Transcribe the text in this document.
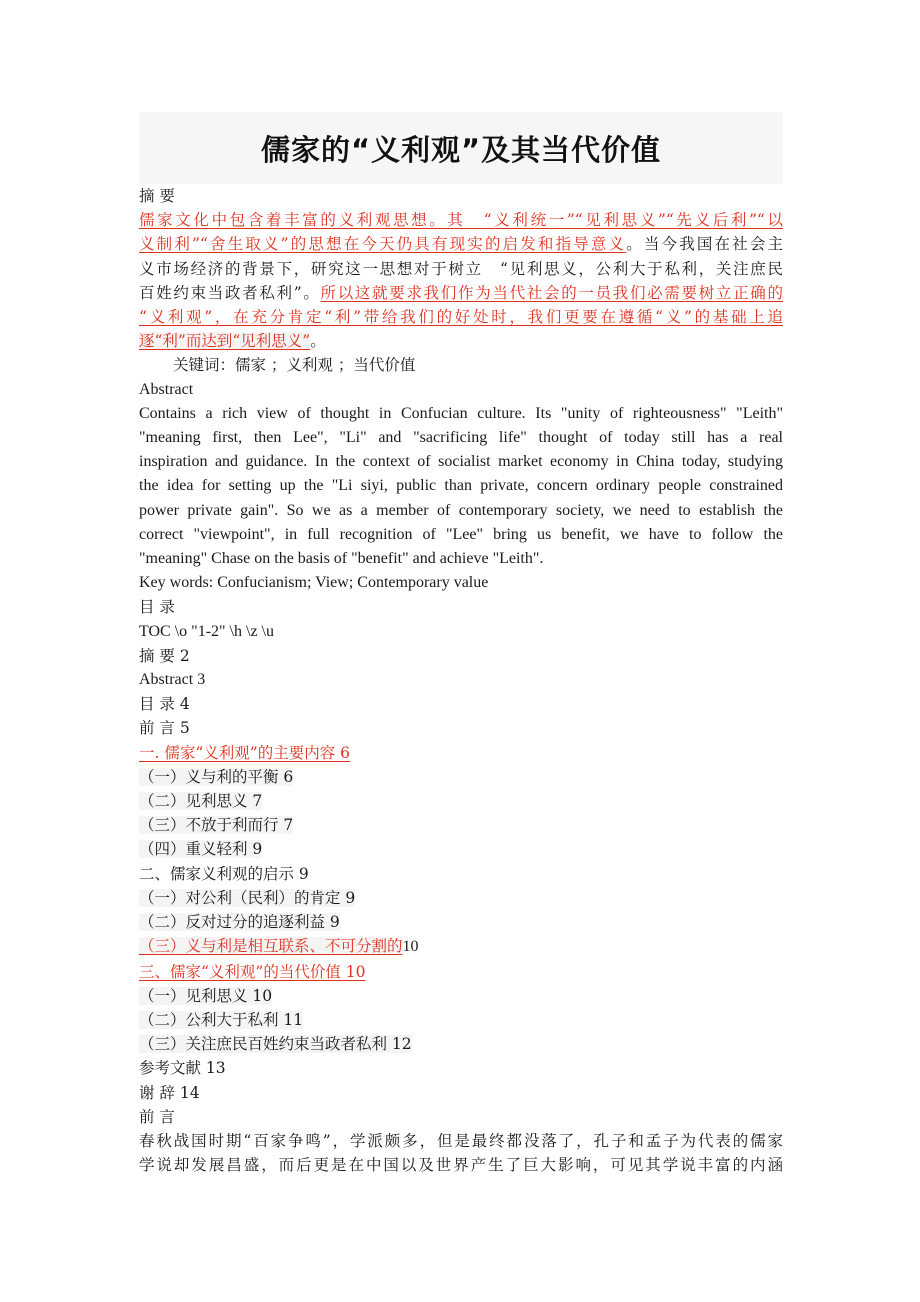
儒家的“义利观”及其当代价值
摘 要
儒家文化中包含着丰富的义利观思想。其　“义利统一”“见利思义”“先义后利”“以
义制利”“舍生取义”的思想在今天仍具有现实的启发和指导意义。当今我国在社会主
义市场经济的背景下，研究这一思想对于树立　“见利思义，公利大于私利，关注庶民
百姓约束当政者私利”。所以这就要求我们作为当代社会的一员我们必需要树立正确的
“义利观”，在充分肯定“利”带给我们的好处时，我们更要在遵循“义”的基础上追
逐“利”而达到“见利思义”。
关键词：儒家 ；义利观 ；当代价值
Abstract
Contains a rich view of thought in Confucian culture. Its "unity of righteousness" "Leith"
"meaning first, then Lee", "Li" and "sacrificing life" thought of today still has a real
inspiration and guidance. In the context of socialist market economy in China today, studying
the idea for setting up the "Li siyi, public than private, concern ordinary people constrained
power private gain". So we as a member of contemporary society, we need to establish the
correct "viewpoint", in full recognition of "Lee" bring us benefit, we have to follow the
"meaning" Chase on the basis of "benefit" and achieve "Leith".
Key words: Confucianism; View; Contemporary value
目 录
TOC \o "1-2" \h \z \u
摘 要 2
Abstract 3
目 录 4
前 言 5
一. 儒家“义利观”的主要内容 6
（一）义与利的平衡 6
（二）见利思义 7
（三）不放于利而行 7
（四）重义轻利 9
二、儒家义利观的启示 9
（一）对公利（民利）的肯定 9
（二）反对过分的追逐利益 9
（三）义与利是相互联系、不可分割的10
三、儒家“义利观”的当代价值 10
（一）见利思义 10
（二）公利大于私利 11
（三）关注庶民百姓约束当政者私利 12
参考文献 13
谢 辞 14
前 言
春秋战国时期“百家争鸣”，学派颇多，但是最终都没落了，孔子和孟子为代表的儒家
学说却发展昌盛，而后更是在中国以及世界产生了巨大影响，可见其学说丰富的内涵
